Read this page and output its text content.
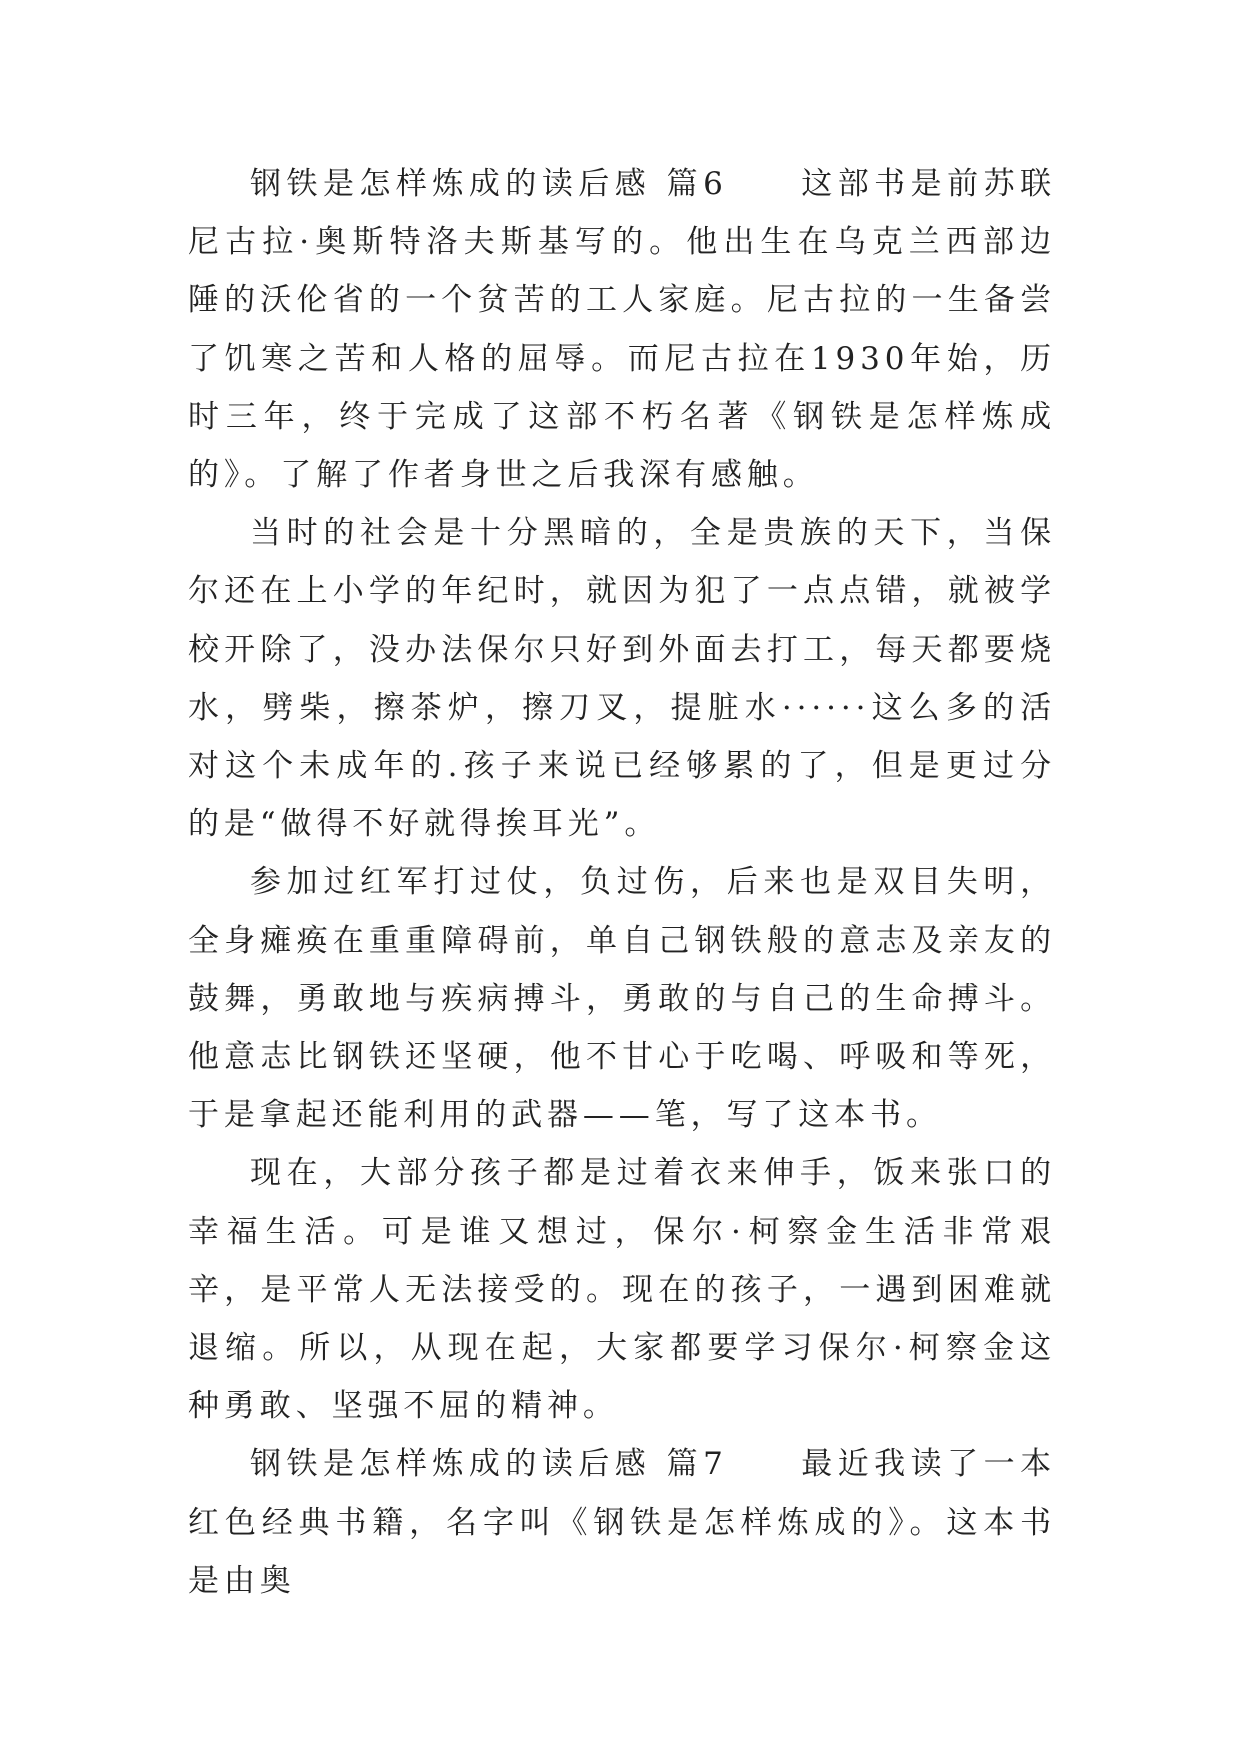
钢铁是怎样炼成的读后感 篇6　　这部书是前苏联尼古拉·奥斯特洛夫斯基写的。他出生在乌克兰西部边陲的沃伦省的一个贫苦的工人家庭。尼古拉的一生备尝了饥寒之苦和人格的屈辱。而尼古拉在1930年始，历时三年，终于完成了这部不朽名著《钢铁是怎样炼成的》。了解了作者身世之后我深有感触。

当时的社会是十分黑暗的，全是贵族的天下，当保尔还在上小学的年纪时，就因为犯了一点点错，就被学校开除了，没办法保尔只好到外面去打工，每天都要烧水，劈柴，擦茶炉，擦刀叉，提脏水······这么多的活对这个未成年的.孩子来说已经够累的了，但是更过分的是“做得不好就得挨耳光”。

参加过红军打过仗，负过伤，后来也是双目失明，全身瘫痪在重重障碍前，单自己钢铁般的意志及亲友的鼓舞，勇敢地与疾病搏斗，勇敢的与自己的生命搏斗。他意志比钢铁还坚硬，他不甘心于吃喝、呼吸和等死，于是拿起还能利用的武器——笔，写了这本书。

现在，大部分孩子都是过着衣来伸手，饭来张口的幸福生活。可是谁又想过，保尔·柯察金生活非常艰辛，是平常人无法接受的。现在的孩子，一遇到困难就退缩。所以，从现在起，大家都要学习保尔·柯察金这种勇敢、坚强不屈的精神。

钢铁是怎样炼成的读后感 篇7　　最近我读了一本红色经典书籍，名字叫《钢铁是怎样炼成的》。这本书是由奥
